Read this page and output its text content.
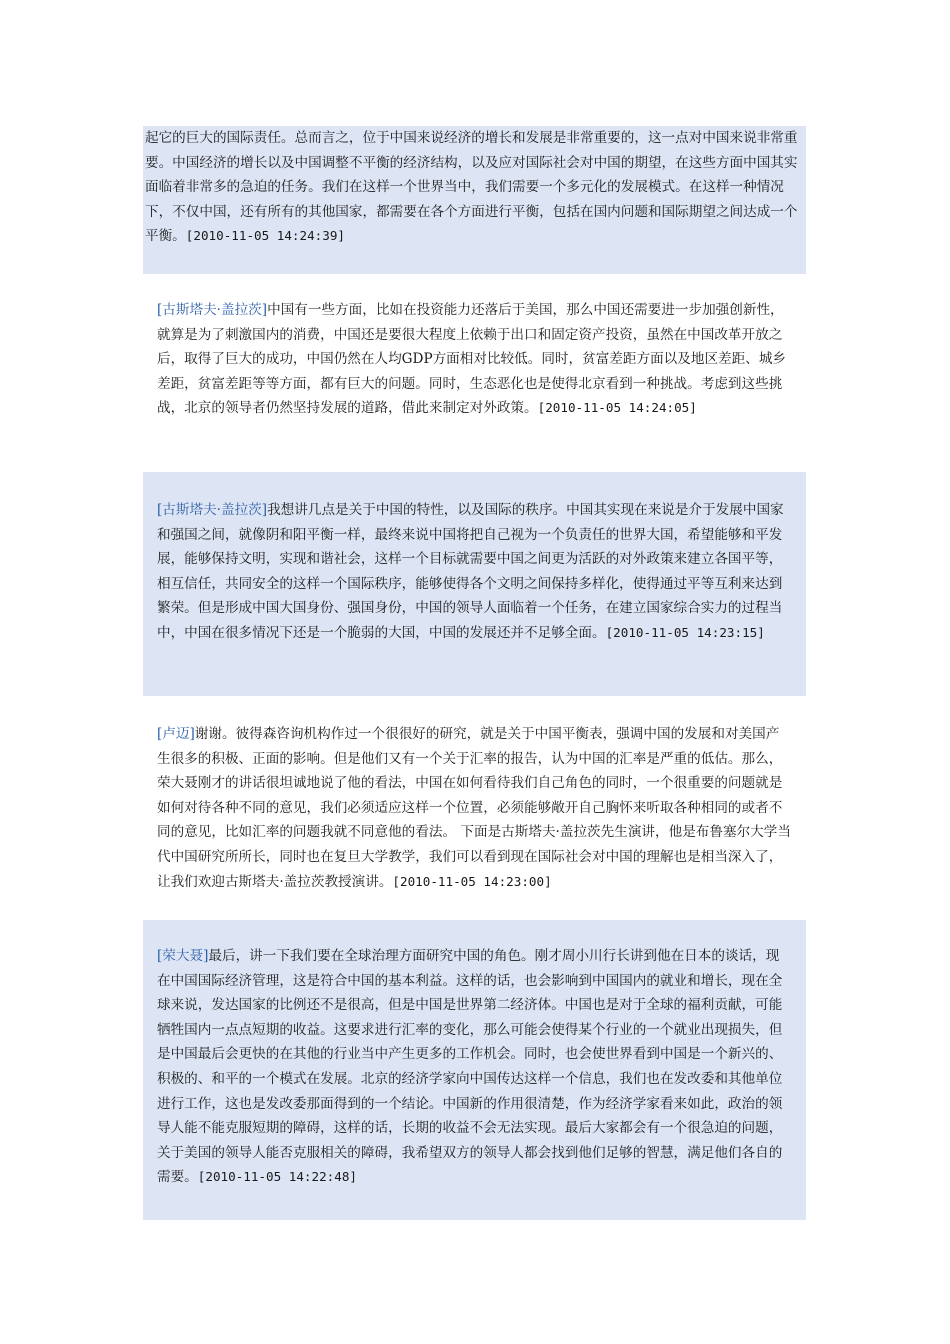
起它的巨大的国际责任。总而言之，位于中国来说经济的增长和发展是非常重要的，这一点对中国来说非常重要。中国经济的增长以及中国调整不平衡的经济结构，以及应对国际社会对中国的期望，在这些方面中国其实面临着非常多的急迫的任务。我们在这样一个世界当中，我们需要一个多元化的发展模式。在这样一种情况下，不仅中国，还有所有的其他国家，都需要在各个方面进行平衡，包括在国内问题和国际期望之间达成一个平衡。[2010-11-05 14:24:39]

[古斯塔夫·盖拉茨]中国有一些方面，比如在投资能力还落后于美国，那么中国还需要进一步加强创新性，就算是为了刺激国内的消费，中国还是要很大程度上依赖于出口和固定资产投资，虽然在中国改革开放之后，取得了巨大的成功，中国仍然在人均GDP方面相对比较低。同时，贫富差距方面以及地区差距、城乡差距，贫富差距等等方面，都有巨大的问题。同时，生态恶化也是使得北京看到一种挑战。考虑到这些挑战，北京的领导者仍然坚持发展的道路，借此来制定对外政策。[2010-11-05 14:24:05]

[古斯塔夫·盖拉茨]我想讲几点是关于中国的特性，以及国际的秩序。中国其实现在来说是介于发展中国家和强国之间，就像阴和阳平衡一样，最终来说中国将把自己视为一个负责任的世界大国，希望能够和平发展，能够保持文明，实现和谐社会，这样一个目标就需要中国之间更为活跃的对外政策来建立各国平等，相互信任，共同安全的这样一个国际秩序，能够使得各个文明之间保持多样化，使得通过平等互利来达到繁荣。但是形成中国大国身份、强国身份，中国的领导人面临着一个任务，在建立国家综合实力的过程当中，中国在很多情况下还是一个脆弱的大国，中国的发展还并不足够全面。[2010-11-05 14:23:15]

[卢迈]谢谢。彼得森咨询机构作过一个很很好的研究，就是关于中国平衡表，强调中国的发展和对美国产生很多的积极、正面的影响。但是他们又有一个关于汇率的报告，认为中国的汇率是严重的低估。那么，荣大聂刚才的讲话很坦诚地说了他的看法，中国在如何看待我们自己角色的同时，一个很重要的问题就是如何对待各种不同的意见，我们必须适应这样一个位置，必须能够敞开自己胸怀来听取各种相同的或者不同的意见，比如汇率的问题我就不同意他的看法。 下面是古斯塔夫·盖拉茨先生演讲，他是布鲁塞尔大学当代中国研究所所长，同时也在复旦大学教学，我们可以看到现在国际社会对中国的理解也是相当深入了，让我们欢迎古斯塔夫·盖拉茨教授演讲。[2010-11-05 14:23:00]

[荣大聂]最后，讲一下我们要在全球治理方面研究中国的角色。刚才周小川行长讲到他在日本的谈话，现在中国国际经济管理，这是符合中国的基本利益。这样的话，也会影响到中国国内的就业和增长，现在全球来说，发达国家的比例还不是很高，但是中国是世界第二经济体。中国也是对于全球的福利贡献，可能牺牲国内一点点短期的收益。这要求进行汇率的变化，那么可能会使得某个行业的一个就业出现损失，但是中国最后会更快的在其他的行业当中产生更多的工作机会。同时，也会使世界看到中国是一个新兴的、积极的、和平的一个模式在发展。北京的经济学家向中国传达这样一个信息，我们也在发改委和其他单位进行工作，这也是发改委那面得到的一个结论。中国新的作用很清楚，作为经济学家看来如此，政治的领导人能不能克服短期的障碍，这样的话，长期的收益不会无法实现。最后大家都会有一个很急迫的问题，关于美国的领导人能否克服相关的障碍，我希望双方的领导人都会找到他们足够的智慧，满足他们各自的需要。[2010-11-05 14:22:48]
